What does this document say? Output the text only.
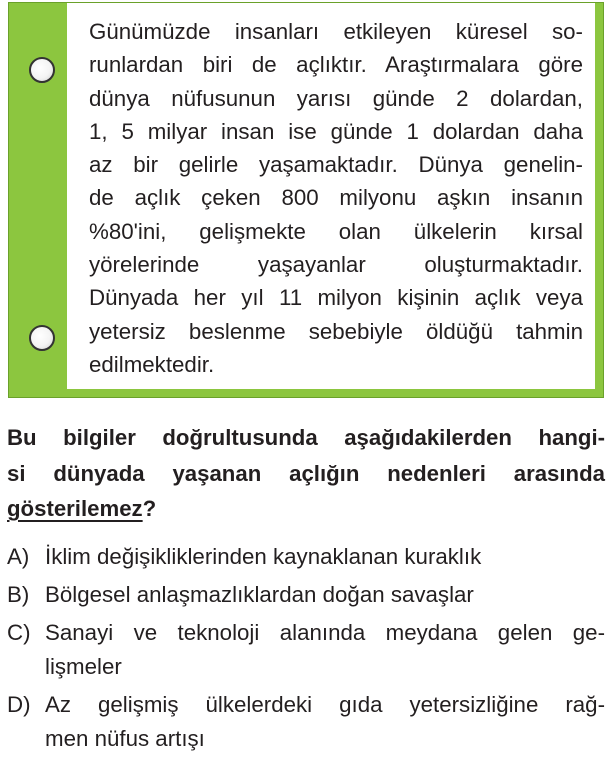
Günümüzde insanları etkileyen küresel so-
runlardan biri de açlıktır. Araştırmalara göre
dünya nüfusunun yarısı günde 2 dolardan,
1, 5 milyar insan ise günde 1 dolardan daha
az bir gelirle yaşamaktadır. Dünya genelin-
de açlık çeken 800 milyonu aşkın insanın
%80'ini, gelişmekte olan ülkelerin kırsal
yörelerinde yaşayanlar oluşturmaktadır.
Dünyada her yıl 11 milyon kişinin açlık veya
yetersiz beslenme sebebiyle öldüğü tahmin
edilmektedir.
Bu bilgiler doğrultusunda aşağıdakilerden hangi-
si dünyada yaşanan açlığın nedenleri arasında
gösterilemez?
A) İklim değişikliklerinden kaynaklanan kuraklık
B) Bölgesel anlaşmazlıklardan doğan savaşlar
C) Sanayi ve teknoloji alanında meydana gelen ge-
lişmeler
D) Az gelişmiş ülkelerdeki gıda yetersizliğine rağ-
men nüfus artışı
